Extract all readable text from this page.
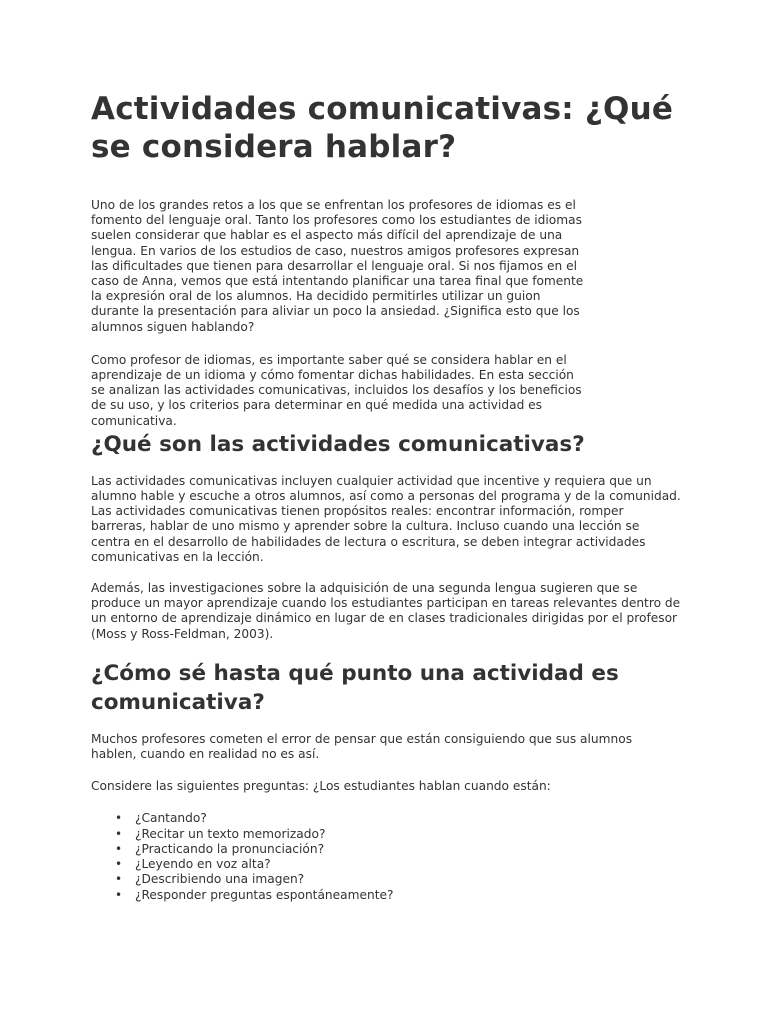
Actividades comunicativas: ¿Qué se considera hablar?

Uno de los grandes retos a los que se enfrentan los profesores de idiomas es el fomento del lenguaje oral. Tanto los profesores como los estudiantes de idiomas suelen considerar que hablar es el aspecto más difícil del aprendizaje de una lengua. En varios de los estudios de caso, nuestros amigos profesores expresan las dificultades que tienen para desarrollar el lenguaje oral. Si nos fijamos en el caso de Anna, vemos que está intentando planificar una tarea final que fomente la expresión oral de los alumnos. Ha decidido permitirles utilizar un guion durante la presentación para aliviar un poco la ansiedad. ¿Significa esto que los alumnos siguen hablando?

Como profesor de idiomas, es importante saber qué se considera hablar en el aprendizaje de un idioma y cómo fomentar dichas habilidades. En esta sección se analizan las actividades comunicativas, incluidos los desafíos y los beneficios de su uso, y los criterios para determinar en qué medida una actividad es comunicativa.

¿Qué son las actividades comunicativas?

Las actividades comunicativas incluyen cualquier actividad que incentive y requiera que un alumno hable y escuche a otros alumnos, así como a personas del programa y de la comunidad. Las actividades comunicativas tienen propósitos reales: encontrar información, romper barreras, hablar de uno mismo y aprender sobre la cultura. Incluso cuando una lección se centra en el desarrollo de habilidades de lectura o escritura, se deben integrar actividades comunicativas en la lección.

Además, las investigaciones sobre la adquisición de una segunda lengua sugieren que se produce un mayor aprendizaje cuando los estudiantes participan en tareas relevantes dentro de un entorno de aprendizaje dinámico en lugar de en clases tradicionales dirigidas por el profesor (Moss y Ross-Feldman, 2003).

¿Cómo sé hasta qué punto una actividad es comunicativa?

Muchos profesores cometen el error de pensar que están consiguiendo que sus alumnos hablen, cuando en realidad no es así.

Considere las siguientes preguntas: ¿Los estudiantes hablan cuando están:

• ¿Cantando?
• ¿Recitar un texto memorizado?
• ¿Practicando la pronunciación?
• ¿Leyendo en voz alta?
• ¿Describiendo una imagen?
• ¿Responder preguntas espontáneamente?
